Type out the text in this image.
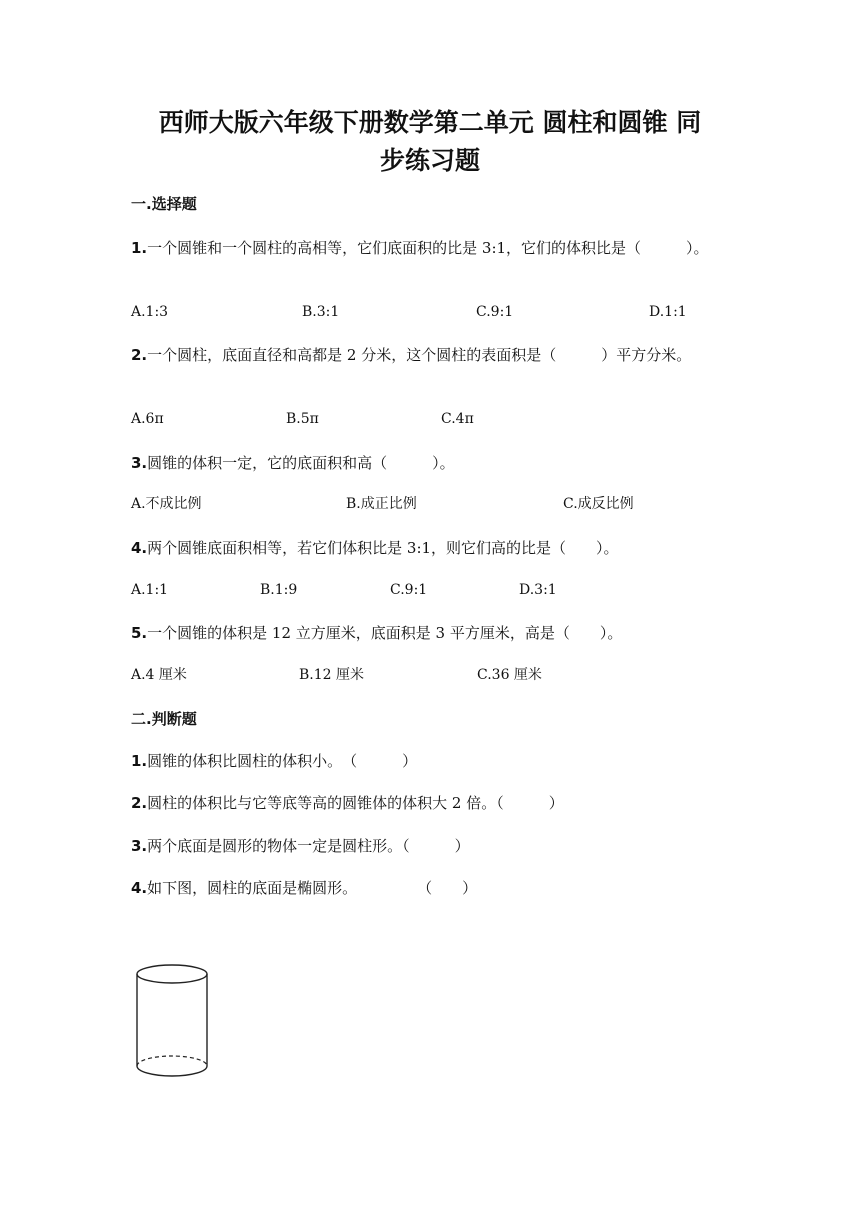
西师大版六年级下册数学第二单元 圆柱和圆锥 同
步练习题
一.选择题
1.一个圆锥和一个圆柱的高相等，它们底面积的比是 3:1，它们的体积比是（　　　）。
A.1:3	B.3:1	C.9:1	D.1:1
2.一个圆柱，底面直径和高都是 2 分米，这个圆柱的表面积是（　　　）平方分米。
A.6π	B.5π	C.4π
3.圆锥的体积一定，它的底面积和高（　　　）。
A.不成比例	B.成正比例	C.成反比例
4.两个圆锥底面积相等，若它们体积比是 3:1，则它们高的比是（　　）。
A.1:1	B.1:9	C.9:1	D.3:1
5.一个圆锥的体积是 12 立方厘米，底面积是 3 平方厘米，高是（　　）。
A.4 厘米	B.12 厘米	C.36 厘米
二.判断题
1.圆锥的体积比圆柱的体积小。　（　　　）
2.圆柱的体积比与它等底等高的圆锥体的体积大 2 倍。（　　　）
3.两个底面是圆形的物体一定是圆柱形。（　　　）
4.如下图，圆柱的底面是椭圆形。　　　　　（　　）
